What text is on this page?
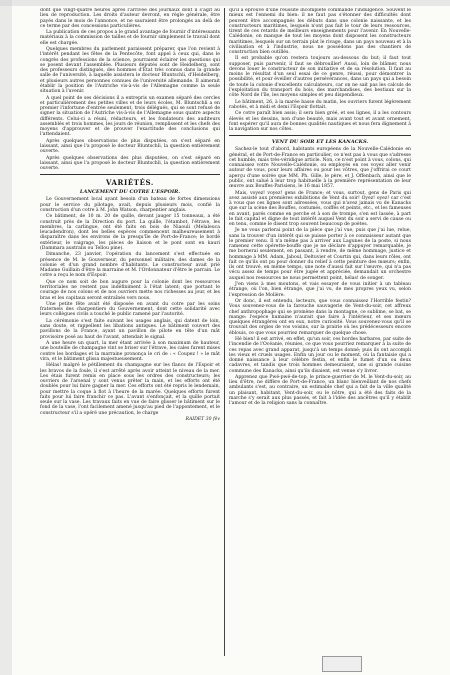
dont que vingt-quatre heures après l'arrivée des journaux dont il s'agit au lieu de reproduction. Les droits d'auteur devront, en règle générale, être payés dans le mois de l'annonce, et ne sauraient être prolongés au delà de ce terme par des concessions particulières.

La publication de ces propos a le grand avantage de fournir d'intéressants matériaux à la commission de tailles et de fournir simplement le travail dont elle est chargée.

Quelques membres du parlement paraissent préparer, que l'on revient à l'intérêt pendant les fêtes de la Pentecôte, font appel à ceux qui, dans le congrès des professions de la science, pourraient éclairer les questions qui se posent devant l'assemblée. Plusieurs députés sont de Heidelberg, sont des professeurs distingués, des hommes d'État très connus dans la grande salle de l'université, à laquelle assistera le docteur Bluntschli, d'Heidelberg, et plusieurs autres personnes connues de l'université allemande. Il aimerait établir la position de l'Autriche vis-à-vis de l'Allemagne comme la seule situation à l'avenir.

A quel point de ses décisions il a entrepris un examen séparé des cercles et particulièrement des petites villes et de leurs écoles, M. Bluntschli a en premier l'infortune d'entrée seulement, trois délégués, qui se sont refusé de signer la situation de l'Autriche vis-à-vis de l'Allemagne sous quatre aspects différents. Celui-ci a réuni, rédacteurs, et les fondateurs des auditeurs assemblés et trois hommes, les jours de réunion, remplissent et les chefs des moyens d'approuver et de prouver l'exactitude des conclusions qui l'attendaient.

Après quelques observations de plus disputées, on s'est séparé en laissant, ainsi que l'a proposé le docteur Bluntschli, la question entièrement ouverte.

Après quelques observations des plus disputées, on s'est séparé en laissant, ainsi que l'a proposé le docteur Bluntschli, la question entièrement ouverte.

VARIÉTÉS.
LANCEMENT DU COTRE L'ESPOIR.

Le Gouvernement local ayant besoin d'un bateau de fortes dimensions pour le service du pilotage, avait, depuis plusieurs mois, confié la construction d'un cotre à M. John Watson, charpentier anglais.

Ce bâtiment, de 10 m. 20 de quille, devant jauger 15 tonneaux, a été construit près de la Direction du port. La quille, l'étambot, l'étrave, les membres, la carlingue, ont été faits en bois de Niaouli (Melaleuca leucadendron), dont les belles espèces commencent malheureusement à disparaître dans les environs de la presqu'île de Port-de-France; le bordé extérieur, le vaigrage, les pièces de liaison et le pont sont en kauri (Dammara australis ou Tellou pine).

Dimanche, 23 janvier, l'opération du lancement s'est effectuée en présence de M. le Gouverneur, du personnel militaire, des dames de la colonie et d'un grand nombre d'habitants. Le constructeur avait prié Madame Guillain d'être la marraine et M. l'Ordonnateur d'être le parrain. Le cotre a reçu le nom d'Espoir.

Que ce nom soit de bon augure pour la colonie dont les ressources territoriales ne restent pas indéfiniment à l'état latent; que portant le courage de nos colons et de nos ouvriers mette nos richesses au jour, et les bras et les capitaux seront entraînés vers nous.

Une petite fête avait été disposée en avant du cotre par les soins fraternels des charpentiers du Gouvernement, dont cette solidarité avec leurs collègues civils a touché le public ramené par l'autorité.

La cérémonie s'est faite suivant les usages anglais, qui datent de loin, sans doute, et rappellent les libations antiques. Le bâtiment couvert des pavillons de la France, ayant un pavillon de pilote en tête d'un mât provisoire posé au haut de l'avant, attendait le signal.

A une heure un quart, la mer étant arrivée à son maximum de hauteur, une bouteille de champagne vint se briser sur l'étrave, les cales furent mises contre les bordages et la marraine prononça le cri de : « Coupez ! » le mât vira, et le bâtiment glissa majestueusement.

Hélas! malgré le pétillement du champagne sur les flancs de l'Espoir et les bravos de la foule, il s'est arrêté après avoir atteint le niveau de la mer. Les étais furent remis en place sous les ordres des constructeurs; les ouvriers de l'arsenal y sont venus prêter la main, et les efforts ont été doublés pour lui faire gagner la mer. Ces efforts ont été repris le lendemain, pour mettre la coque à flot à l'heure de la marée. Quelques efforts furent faits pour lui faire franchir ce pas. L'avant s'enfonçait, et la quille portait seule sur la vase. Les travaux faits en vue de faire glisser le bâtiment sur le fond de la vase, l'ont facilement amené jusqu'au pied de l'appontement, et le constructeur s'il a opéré une précaution, le charge

RAIDET 30 fév

qu'il a éprouvé d'une réussite incomplète commande l'indulgence. Souvent le mieux est l'ennemi du bien: il ne faut pas s'étonner des difficultés dont peuvent être accompagnés les débuts dans une colonie naissante, et les constructeurs maritimes, lesquels n'ont pas fait le tour de leurs ressources, tirent de ces retards de meilleurs enseignements pour l'avenir. En Nouvelle-Calédonie, on manque de tout les moyens dont disposent les constructeurs maritimes, lesquels sur un terrain plat le rivage, dans un pays nouveau et à la civilisation et à l'industrie, nous ne possédons pas des chantiers de construction bien outillés.

Il est probable qu'on restera toujours au-dessous du but; il faut tout supposer, puis parvenir, il faut se débrouiller! Aussi, loin de blâmer, nous devons louer le constructeur de son initiative et de sa résolution. Il faut au moins le résultat d'un seul essai de ce genre, réussi, pour démontrer la possibilité, et pour éveiller d'autres persévérances, dans un pays qui a besoin de toute la colonie d'excellents calculateurs, car on ne sait pas les calculs de l'exploitation du transport du bois, des marchandises, des bestiaux sur la côte Nord de l'île, les moyens simples et peu dispendieux.

Le bâtiment, 26, à la marée basse du matin, les ouvriers furent légèrement rabotés, et à midi et demi l'Espoir flottait.

Ce cotre paraît bien assis; il sera bien gréé, et ses lignes, il a les contours élevés et les dessins, non d'une beauté, mais avant tout et avant ornement, font espérer qu'il aura de bonnes qualités nautiques et nous fera dignement à la navigation sur nos côtes.

VENT DU SOIR ET LES KANACKS.

Sachez-le tout d'abord, habitants européens de la Nouvelle-Calédonie en général, et de Port-de-France en particulier, ce n'est pas à vous que s'adresse cet humble, mais très-véridique article. Non, ce n'est point à vous, colons, qui connaissez votre Nouvelle-Calédonie, ou employés en ces voyez aller venir autour de vous, pour leurs affaires ou pour les vôtres, que j'offrirai ce court aperçu d'une soirée que MM. Ph. Gille, le père, et J. Offenbach, ainsi que le public, ont salué à leur trop habituelle à la première représentation de leur œuvre aux Bouffes-Parisiens, le 16 mai 1857.

Mais, voyez! voyez! gens de France; et vous, surtout, gens de Paris qui avez assisté aux premières exhibitions de Vent du soir! Oyez! oyez! car c'est à vous que ces lignes sont adressées, vous qui n'avez jamais vu de Kanacks que sur la scène des Bouffes, costumés, coiffés et peints, etc., et les fameuses en avant, parés comme en perche et à son de trompe, s'en est lassée, à part le fait capital et digne de tout intérêt auquel Vent du soir a servi de cause ou en tenu, comme le disent trop souvent beaucoup de poètes.

Je ne vous parlerai point de la pièce que j'ai vue, puis que j'ai lue, relue, sans la trouver d'un intérêt qui se puisse porter à ce connaisseur autant que le premier venu. Il n'a même pas à arriver aux Lagunes de la poste, si nous ramenez cette opérette-bouffe que je ne déclare d'appuyer remarquable, je me bornerai seulement, en passant, à rendre, de même hommage, justice et hommage à MM. Adam, Jaboul, Deltuvier et Courtin qui, dans leurs rôles, ont fait ce qu'ils ont pu pour donner du relief à cette peinture des mœurs; enfin, ils ont trouvé, en même temps, une note d'aussi fait sur l'œuvre, qui n'a pas vécu assez de temps pour être jugée et appréciée, demandait un orchestre auquel nos ressources ne nous permettent point, hélas! de songer.

J'en viens à mes moutons, et vais essayer de vous initier à un tableau étrange, où l'on, bien étrange, que j'ai vu, de mes propres yeux vu, selon l'expression de Molière.

Or donc, il est entendu, lecteurs, que vous connaissez l'Horrible festin? Vous souvenez-vous de la farouche sauvagerie de Vent-du-soir, cet affreux chef anthropophage qui se promène dans la montagne, ce sublime, se bat, se mange: l'espèce humaine n'aurait que faire à l'intérieur, et ses mœurs quelques étrangères ont en eux, notre curiosité. Vous souvenez-vous qu'il se trouvait des orgies de vos voisins, sur la prairie où les prédécesseurs encore éblouis, ce que vous pourriez remarquer de quelque chose.

Hé bien! il est arrivé, en effet, qu'un soir, ces hordes barbares, par suite de l'incendie de l'Océanie, réunies, ce que vous pourriez remarquer à la suite de ces repas avec grand apparat, jusqu'à un temps donné; puis ils ont accompli les vieux et cruels usages. Enfin un jour ou le moment, où la fantaisie qui a donné naissance à leur célèbre festin, et enfin le fumet d'un ou deux cadavres, et tandis que trois hommes demeuraient, une si grande cuisine commune des Kanacks, ainsi qu'ils disaient, est venue s'y livrer.

Apprenez que Pwé-pwé-de-top, le prince-guerrier de M. le Vent-du-soir, au lieu d'être, ne diffère de Port-de-France, un blanc bienveillant de nos chefs ambulants s'est, au contraire, un estimable chef qui a fait de la ville qualité un plaisant, habitant, Vent-du-soir, ou le nôtre, qui a été des faits de la marche s'y serait aux plus passés, et fait à l'idée des ancêtres qu'il y établit l'amour et de la religion sans la connaître.
